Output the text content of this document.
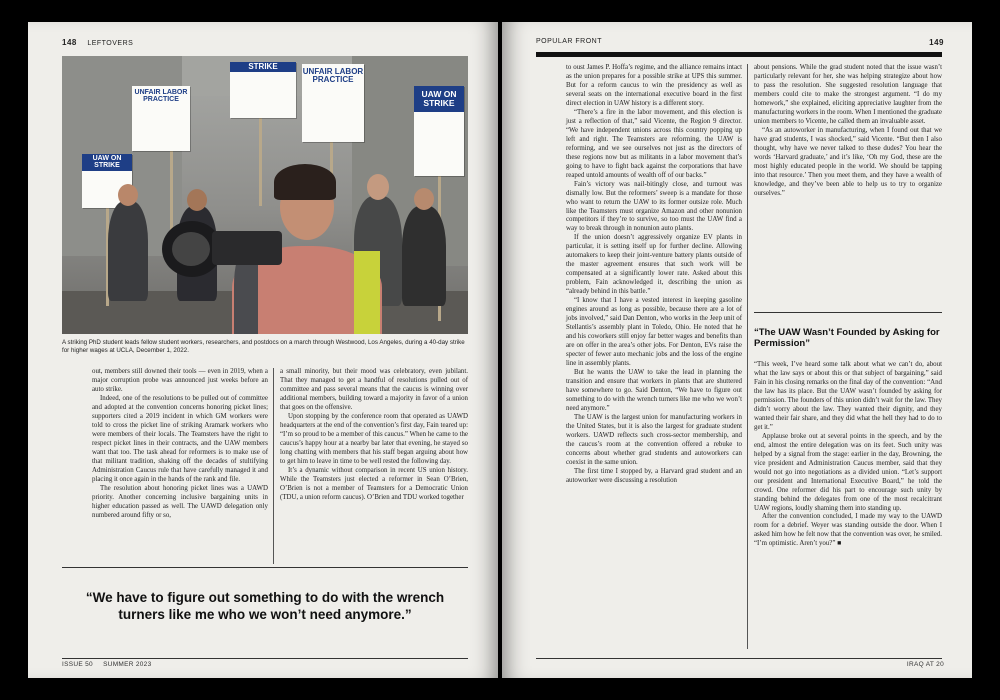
148 LEFTOVERS
UAW ON STRIKE
UNFAIR LABOR PRACTICE
STRIKE
UNFAIR LABOR PRACTICE
UAW ON STRIKE
A striking PhD student leads fellow student workers, researchers, and postdocs on a march through Westwood, Los Angeles, during a 40-day strike for higher wages at UCLA, December 1, 2022.

out, members still downed their tools — even in 2019, when a major corruption probe was announced just weeks before an auto strike.

Indeed, one of the resolutions to be pulled out of committee and adopted at the convention concerns honoring picket lines; supporters cited a 2019 incident in which GM workers were told to cross the picket line of striking Aramark workers who were members of their locals. The Teamsters have the right to respect picket lines in their contracts, and the UAW members want that too. The task ahead for reformers is to make use of that militant tradition, shaking off the decades of stultifying Administration Caucus rule that have carefully managed it and placing it once again in the hands of the rank and file.

The resolution about honoring picket lines was a UAWD priority. Another concerning inclusive bargaining units in higher education passed as well. The UAWD delegation only numbered around fifty or so,

a small minority, but their mood was celebratory, even jubilant. That they managed to get a handful of resolutions pulled out of committee and pass several means that the caucus is winning over additional members, building toward a majority in favor of a union that goes on the offensive.

Upon stopping by the conference room that operated as UAWD headquarters at the end of the convention’s first day, Fain teared up: “I’m so proud to be a member of this caucus.” When he came to the caucus’s happy hour at a nearby bar later that evening, he stayed so long chatting with members that his staff began arguing about how to get him to leave in time to be well rested the following day.

It’s a dynamic without comparison in recent US union history. While the Teamsters just elected a reformer in Sean O’Brien, O’Brien is not a member of Teamsters for a Democratic Union (TDU, a union reform caucus). O’Brien and TDU worked together

“We have to figure out something to do with the wrench turners like me who we won’t need anymore.”
ISSUE 50 SUMMER 2023
POPULAR FRONT	149

to oust James P. Hoffa’s regime, and the alliance remains intact as the union prepares for a possible strike at UPS this summer. But for a reform caucus to win the presidency as well as several seats on the international executive board in the first direct election in UAW history is a different story.

“There’s a fire in the labor movement, and this election is just a reflection of that,” said Vicente, the Region 9 director. “We have independent unions across this country popping up left and right. The Teamsters are reforming, the UAW is reforming, and we see ourselves not just as the directors of these regions now but as militants in a labor movement that’s going to have to fight back against the corporations that have reaped untold amounts of wealth off of our backs.”

Fain’s victory was nail-bitingly close, and turnout was dismally low. But the reformers’ sweep is a mandate for those who want to return the UAW to its former outsize role. Much like the Teamsters must organize Amazon and other nonunion competitors if they’re to survive, so too must the UAW find a way to break through in nonunion auto plants.

If the union doesn’t aggressively organize EV plants in particular, it is setting itself up for further decline. Allowing automakers to keep their joint-venture battery plants outside of the master agreement ensures that such work will be compensated at a significantly lower rate. Asked about this problem, Fain acknowledged it, describing the union as “already behind in this battle.”

“I know that I have a vested interest in keeping gasoline engines around as long as possible, because there are a lot of jobs involved,” said Dan Denton, who works in the Jeep unit of Stellantis’s assembly plant in Toledo, Ohio. He noted that he and his coworkers still enjoy far better wages and benefits than are on offer in the area’s other jobs. For Denton, EVs raise the specter of fewer auto mechanic jobs and the loss of the engine line in assembly plants.

But he wants the UAW to take the lead in planning the transition and ensure that workers in plants that are shuttered have somewhere to go. Said Denton, “We have to figure out something to do with the wrench turners like me who we won’t need anymore.”

The UAW is the largest union for manufacturing workers in the United States, but it is also the largest for graduate student workers. UAWD reflects such cross-sector membership, and the caucus’s room at the convention offered a rebuke to concerns about whether grad students and autoworkers can coexist in the same union.

The first time I stopped by, a Harvard grad student and an autoworker were discussing a resolution

about pensions. While the grad student noted that the issue wasn’t particularly relevant for her, she was helping strategize about how to pass the resolution. She suggested resolution language that members could cite to make the strongest argument. “I do my homework,” she explained, eliciting appreciative laughter from the manufacturing workers in the room. When I mentioned the graduate union members to Vicente, he called them an invaluable asset.

“As an autoworker in manufacturing, when I found out that we have grad students, I was shocked,” said Vicente. “But then I also thought, why have we never talked to these dudes? You hear the words ‘Harvard graduate,’ and it’s like, ‘Oh my God, these are the most highly educated people in the world. We should be tapping into that resource.’ Then you meet them, and they have a wealth of knowledge, and they’ve been able to help us to try to organize ourselves.”

“The UAW Wasn’t Founded by Asking for Permission”

“This week, I’ve heard some talk about what we can’t do, about what the law says or about this or that subject of bargaining,” said Fain in his closing remarks on the final day of the convention: “And the law has its place. But the UAW wasn’t founded by asking for permission. The founders of this union didn’t wait for the law. They didn’t worry about the law. They wanted their dignity, and they wanted their fair share, and they did what the hell they had to do to get it.”

Applause broke out at several points in the speech, and by the end, almost the entire delegation was on its feet. Such unity was helped by a signal from the stage: earlier in the day, Browning, the vice president and Administration Caucus member, said that they would not go into negotiations as a divided union. “Let’s support our president and International Executive Board,” he told the crowd. One reformer did his part to encourage such unity by standing behind the delegates from one of the most recalcitrant UAW regions, loudly shaming them into standing up.

After the convention concluded, I made my way to the UAWD room for a debrief. Weyer was standing outside the door. When I asked him how he felt now that the convention was over, he smiled. “I’m optimistic. Aren’t you?” ■

IRAQ AT 20
